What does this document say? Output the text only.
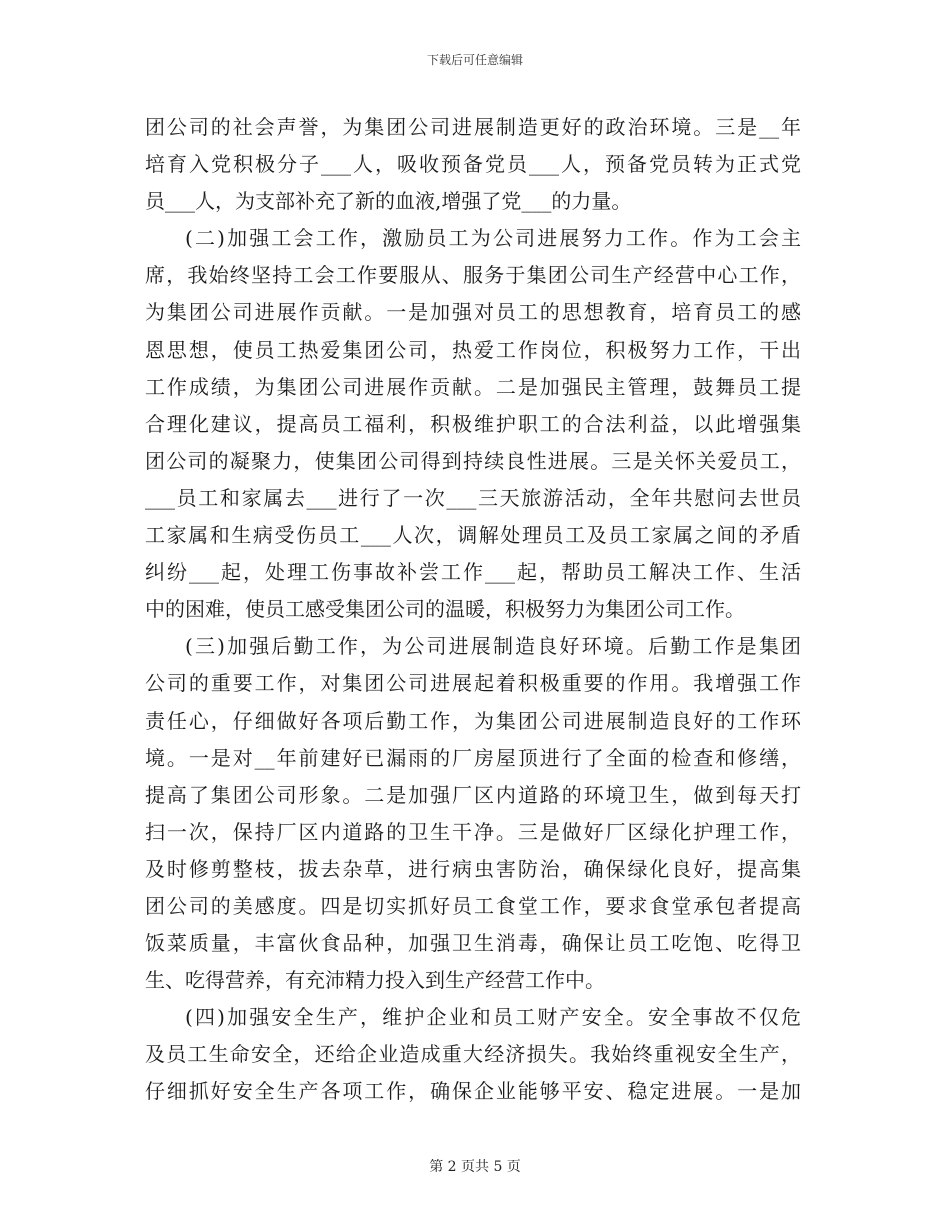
下载后可任意编辑
团公司的社会声誉，为集团公司进展制造更好的政治环境。三是__年
培育入党积极分子___人，吸收预备党员___人，预备党员转为正式党
员___人，为支部补充了新的血液,增强了党___的力量。
(二)加强工会工作，激励员工为公司进展努力工作。作为工会主
席，我始终坚持工会工作要服从、服务于集团公司生产经营中心工作，
为集团公司进展作贡献。一是加强对员工的思想教育，培育员工的感
恩思想，使员工热爱集团公司，热爱工作岗位，积极努力工作，干出
工作成绩，为集团公司进展作贡献。二是加强民主管理，鼓舞员工提
合理化建议，提高员工福利，积极维护职工的合法利益，以此增强集
团公司的凝聚力，使集团公司得到持续良性进展。三是关怀关爱员工，
___员工和家属去___进行了一次___三天旅游活动，全年共慰问去世员
工家属和生病受伤员工___人次，调解处理员工及员工家属之间的矛盾
纠纷___起，处理工伤事故补尝工作___起，帮助员工解决工作、生活
中的困难，使员工感受集团公司的温暖，积极努力为集团公司工作。
(三)加强后勤工作，为公司进展制造良好环境。后勤工作是集团
公司的重要工作，对集团公司进展起着积极重要的作用。我增强工作
责任心，仔细做好各项后勤工作，为集团公司进展制造良好的工作环
境。一是对__年前建好已漏雨的厂房屋顶进行了全面的检查和修缮，
提高了集团公司形象。二是加强厂区内道路的环境卫生，做到每天打
扫一次，保持厂区内道路的卫生干净。三是做好厂区绿化护理工作，
及时修剪整枝，拔去杂草，进行病虫害防治，确保绿化良好，提高集
团公司的美感度。四是切实抓好员工食堂工作，要求食堂承包者提高
饭菜质量，丰富伙食品种，加强卫生消毒，确保让员工吃饱、吃得卫
生、吃得营养，有充沛精力投入到生产经营工作中。
(四)加强安全生产，维护企业和员工财产安全。安全事故不仅危
及员工生命安全，还给企业造成重大经济损失。我始终重视安全生产，
仔细抓好安全生产各项工作，确保企业能够平安、稳定进展。一是加
第 2 页共 5 页
